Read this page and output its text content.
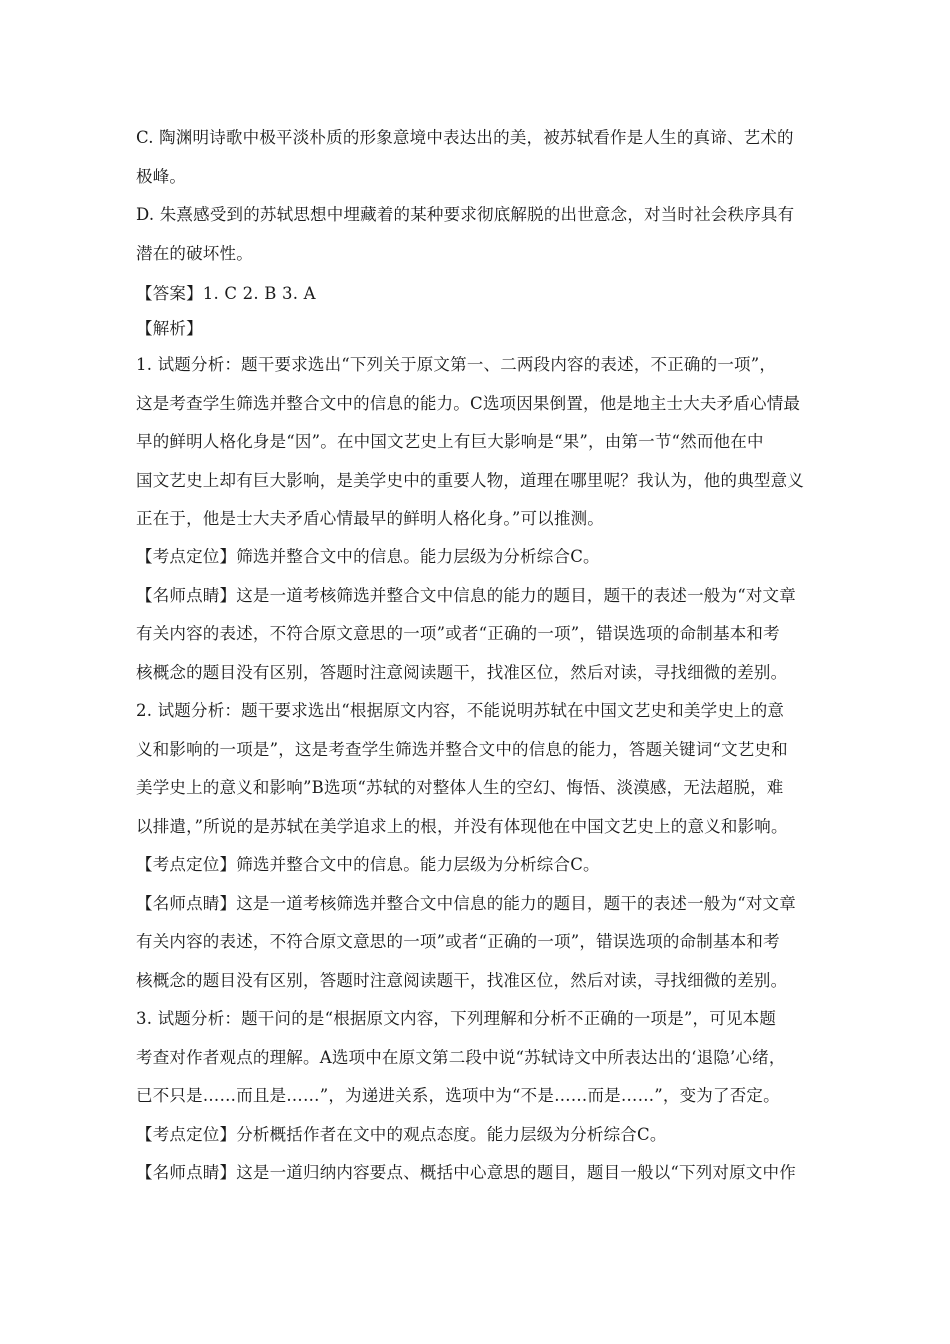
C. 陶渊明诗歌中极平淡朴质的形象意境中表达出的美，被苏轼看作是人生的真谛、艺术的
极峰。
D. 朱熹感受到的苏轼思想中埋藏着的某种要求彻底解脱的出世意念，对当时社会秩序具有
潜在的破坏性。
【答案】1. C 2. B 3. A
【解析】
1. 试题分析：题干要求选出“下列关于原文第一、二两段内容的表述，不正确的一项”，
这是考查学生筛选并整合文中的信息的能力。C选项因果倒置，他是地主士大夫矛盾心情最
早的鲜明人格化身是“因”。在中国文艺史上有巨大影响是“果”，由第一节“然而他在中
国文艺史上却有巨大影响，是美学史中的重要人物，道理在哪里呢？我认为，他的典型意义
正在于，他是士大夫矛盾心情最早的鲜明人格化身。”可以推测。
【考点定位】筛选并整合文中的信息。能力层级为分析综合C。
【名师点睛】这是一道考核筛选并整合文中信息的能力的题目，题干的表述一般为“对文章
有关内容的表述，不符合原文意思的一项”或者“正确的一项”，错误选项的命制基本和考
核概念的题目没有区别，答题时注意阅读题干，找准区位，然后对读，寻找细微的差别。
2. 试题分析：题干要求选出“根据原文内容，不能说明苏轼在中国文艺史和美学史上的意
义和影响的一项是”，这是考查学生筛选并整合文中的信息的能力，答题关键词“文艺史和
美学史上的意义和影响”B选项“苏轼的对整体人生的空幻、悔悟、淡漠感，无法超脱，难
以排遣，”所说的是苏轼在美学追求上的根，并没有体现他在中国文艺史上的意义和影响。
【考点定位】筛选并整合文中的信息。能力层级为分析综合C。
【名师点睛】这是一道考核筛选并整合文中信息的能力的题目，题干的表述一般为“对文章
有关内容的表述，不符合原文意思的一项”或者“正确的一项”，错误选项的命制基本和考
核概念的题目没有区别，答题时注意阅读题干，找准区位，然后对读，寻找细微的差别。
3. 试题分析：题干问的是“根据原文内容，下列理解和分析不正确的一项是”，可见本题
考查对作者观点的理解。A选项中在原文第二段中说“苏轼诗文中所表达出的‘退隐’心绪，
已不只是……而且是……”，为递进关系，选项中为“不是……而是……”，变为了否定。
【考点定位】分析概括作者在文中的观点态度。能力层级为分析综合C。
【名师点睛】这是一道归纳内容要点、概括中心意思的题目，题目一般以“下列对原文中作
